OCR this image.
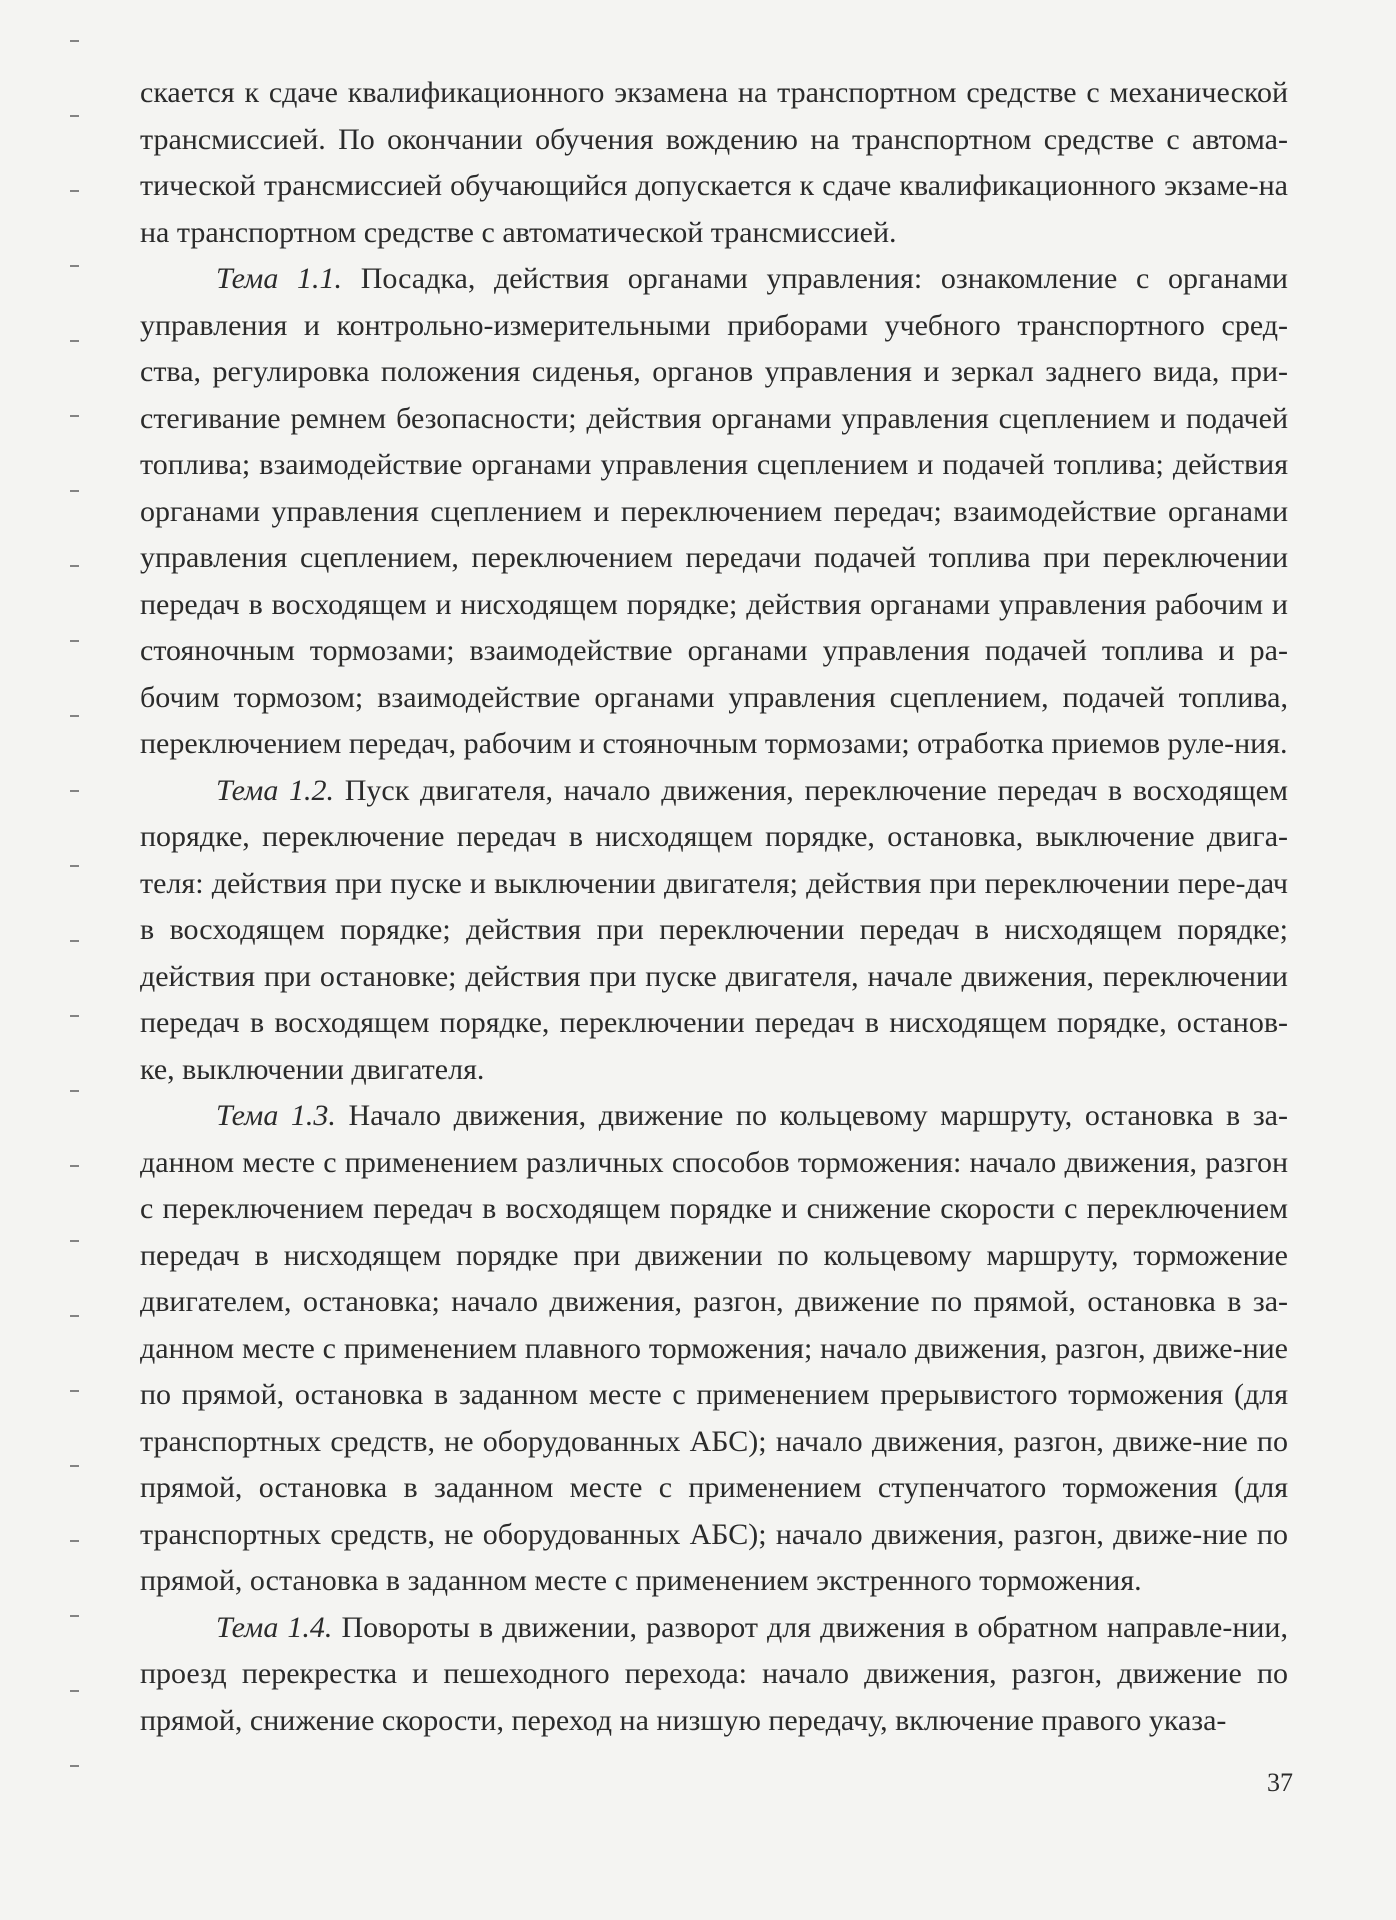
скается к сдаче квалификационного экзамена на транспортном средстве с механической трансмиссией. По окончании обучения вождению на транспортном средстве с автома-тической трансмиссией обучающийся допускается к сдаче квалификационного экзаме-на на транспортном средстве с автоматической трансмиссией.

Тема 1.1. Посадка, действия органами управления: ознакомление с органами управления и контрольно-измерительными приборами учебного транспортного сред-ства, регулировка положения сиденья, органов управления и зеркал заднего вида, при-стегивание ремнем безопасности; действия органами управления сцеплением и подачей топлива; взаимодействие органами управления сцеплением и подачей топлива; действия органами управления сцеплением и переключением передач; взаимодействие органами управления сцеплением, переключением передачи подачей топлива при переключении передач в восходящем и нисходящем порядке; действия органами управления рабочим и стояночным тормозами; взаимодействие органами управления подачей топлива и ра-бочим тормозом; взаимодействие органами управления сцеплением, подачей топлива, переключением передач, рабочим и стояночным тормозами; отработка приемов руле-ния.

Тема 1.2. Пуск двигателя, начало движения, переключение передач в восходящем порядке, переключение передач в нисходящем порядке, остановка, выключение двига-теля: действия при пуске и выключении двигателя; действия при переключении пере-дач в восходящем порядке; действия при переключении передач в нисходящем порядке; действия при остановке; действия при пуске двигателя, начале движения, переключении передач в восходящем порядке, переключении передач в нисходящем порядке, останов-ке, выключении двигателя.

Тема 1.3. Начало движения, движение по кольцевому маршруту, остановка в за-данном месте с применением различных способов торможения: начало движения, разгон с переключением передач в восходящем порядке и снижение скорости с переключением передач в нисходящем порядке при движении по кольцевому маршруту, торможение двигателем, остановка; начало движения, разгон, движение по прямой, остановка в за-данном месте с применением плавного торможения; начало движения, разгон, движе-ние по прямой, остановка в заданном месте с применением прерывистого торможения (для транспортных средств, не оборудованных АБС); начало движения, разгон, движе-ние по прямой, остановка в заданном месте с применением ступенчатого торможения (для транспортных средств, не оборудованных АБС); начало движения, разгон, движе-ние по прямой, остановка в заданном месте с применением экстренного торможения.

Тема 1.4. Повороты в движении, разворот для движения в обратном направле-нии, проезд перекрестка и пешеходного перехода: начало движения, разгон, движение по прямой, снижение скорости, переход на низшую передачу, включение правого указа-

37
